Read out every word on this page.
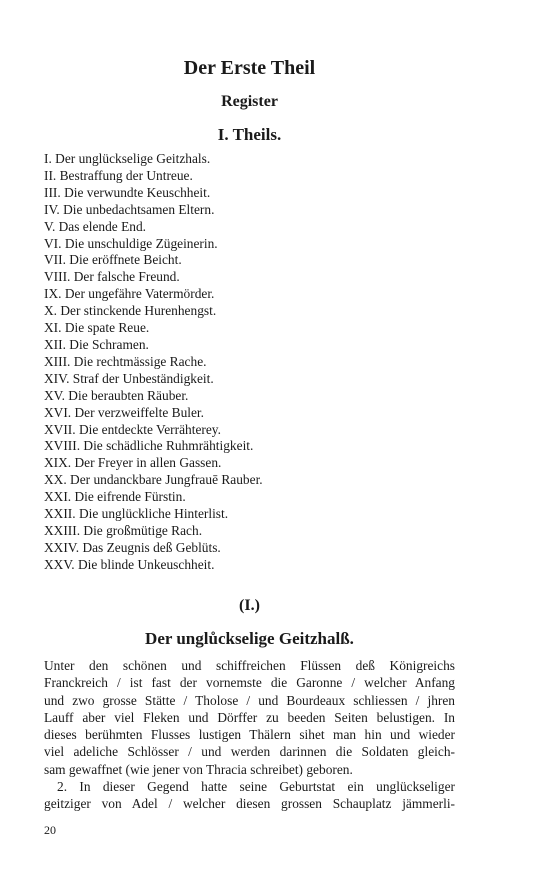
Der Erste Theil
Register
I. Theils.
I. Der unglückselige Geitzhals.
II. Bestraffung der Untreue.
III. Die verwundte Keuschheit.
IV. Die unbedachtsamen Eltern.
V. Das elende End.
VI. Die unschuldige Zügeinerin.
VII. Die eröffnete Beicht.
VIII. Der falsche Freund.
IX. Der ungefähre Vatermörder.
X. Der stinckende Hurenhengst.
XI. Die spate Reue.
XII. Die Schramen.
XIII. Die rechtmässige Rache.
XIV. Straf der Unbeständigkeit.
XV. Die beraubten Räuber.
XVI. Der verzweiffelte Buler.
XVII. Die entdeckte Verrähterey.
XVIII. Die schädliche Ruhmrähtigkeit.
XIX. Der Freyer in allen Gassen.
XX. Der undanckbare Jungfrauē Rauber.
XXI. Die eifrende Fürstin.
XXII. Die unglückliche Hinterlist.
XXIII. Die großmütige Rach.
XXIV. Das Zeugnis deß Geblüts.
XXV. Die blinde Unkeuschheit.
(I.)
Der unglůckselige Geitzhalß.

Unter den schönen und schiffreichen Flüssen deß Königreichs

Franckreich / ist fast der vornemste die Garonne / welcher Anfang

und zwo grosse Stätte / Tholose / und Bourdeaux schliessen / jhren

Lauff aber viel Fleken und Dörffer zu beeden Seiten belustigen. In

dieses berühmten Flusses lustigen Thälern sihet man hin und wieder

viel adeliche Schlösser / und werden darinnen die Soldaten gleich-

sam gewaffnet (wie jener von Thracia schreibet) geboren.

2. In dieser Gegend hatte seine Geburtstat ein unglückseliger

geitziger von Adel / welcher diesen grossen Schauplatz jämmerli-

20
